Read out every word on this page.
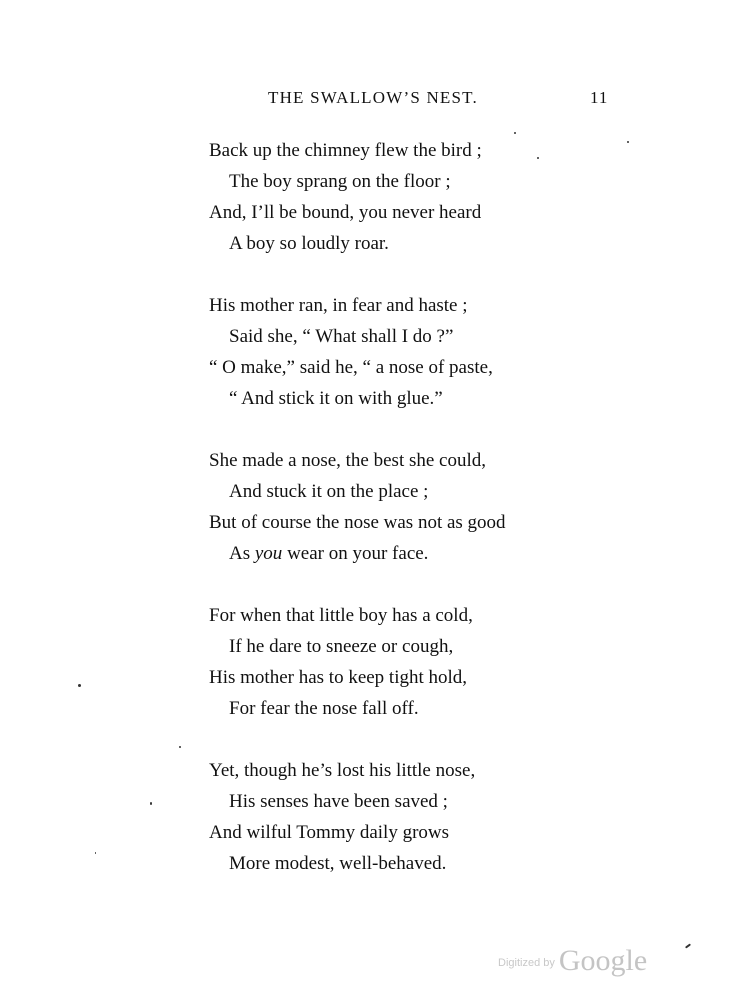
THE SWALLOW’S NEST.	11
Back up the chimney flew the bird ;
The boy sprang on the floor ;
And, I’ll be bound, you never heard
A boy so loudly roar.
His mother ran, in fear and haste ;
Said she, “ What shall I do ?”
“ O make,” said he, “ a nose of paste,
“ And stick it on with glue.”
She made a nose, the best she could,
And stuck it on the place ;
But of course the nose was not as good
As you wear on your face.
For when that little boy has a cold,
If he dare to sneeze or cough,
His mother has to keep tight hold,
For fear the nose fall off.
Yet, though he’s lost his little nose,
His senses have been saved ;
And wilful Tommy daily grows
More modest, well-behaved.
$^{Digitized by}$ Google
